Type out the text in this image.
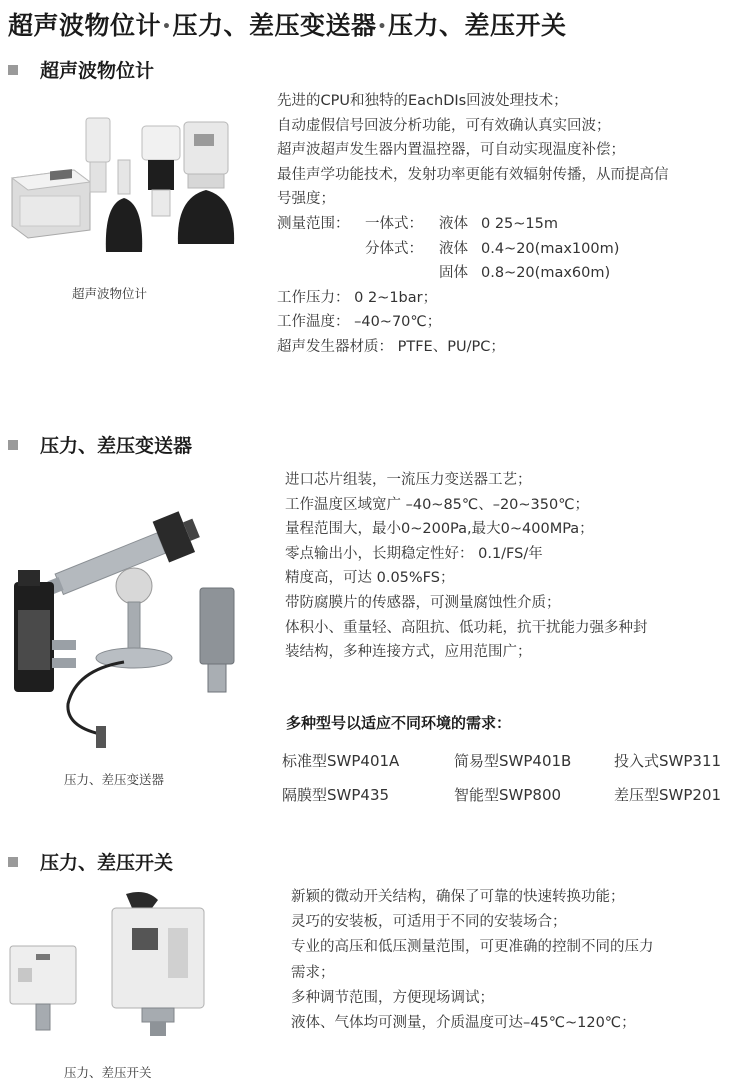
超声波物位计•压力、差压变送器•压力、差压开关
超声波物位计
超声波物位计
先进的CPU和独特的EachDIs回波处理技术；
自动虚假信号回波分析功能，可有效确认真实回波；
超声波超声发生器内置温控器，可自动实现温度补偿；
最佳声学功能技术，发射功率更能有效辐射传播，从而提高信
号强度；
测量范围： 一体式： 液体 0 25~15m
分体式： 液体 0.4~20(max100m)
固体 0.8~20(max60m)
工作压力： 0 2~1bar；
工作温度： –40~70℃；
超声发生器材质： PTFE、PU/PC；
压力、差压变送器
压力、差压变送器
进口芯片组装，一流压力变送器工艺；
工作温度区域宽广 –40~85℃、–20~350℃；
量程范围大，最小0~200Pa,最大0~400MPa；
零点输出小，长期稳定性好： 0.1/FS/年
精度高，可达 0.05%FS；
带防腐膜片的传感器，可测量腐蚀性介质；
体积小、重量轻、高阻抗、低功耗，抗干扰能力强多种封
装结构，多种连接方式，应用范围广；
多种型号以适应不同环境的需求：
标准型SWP401A	简易型SWP401B	投入式SWP311
隔膜型SWP435	智能型SWP800	差压型SWP201
压力、差压开关
压力、差压开关
新颖的微动开关结构，确保了可靠的快速转换功能；
灵巧的安装板，可适用于不同的安装场合；
专业的高压和低压测量范围，可更准确的控制不同的压力
需求；
多种调节范围，方便现场调试；
液体、气体均可测量，介质温度可达–45℃~120℃；
